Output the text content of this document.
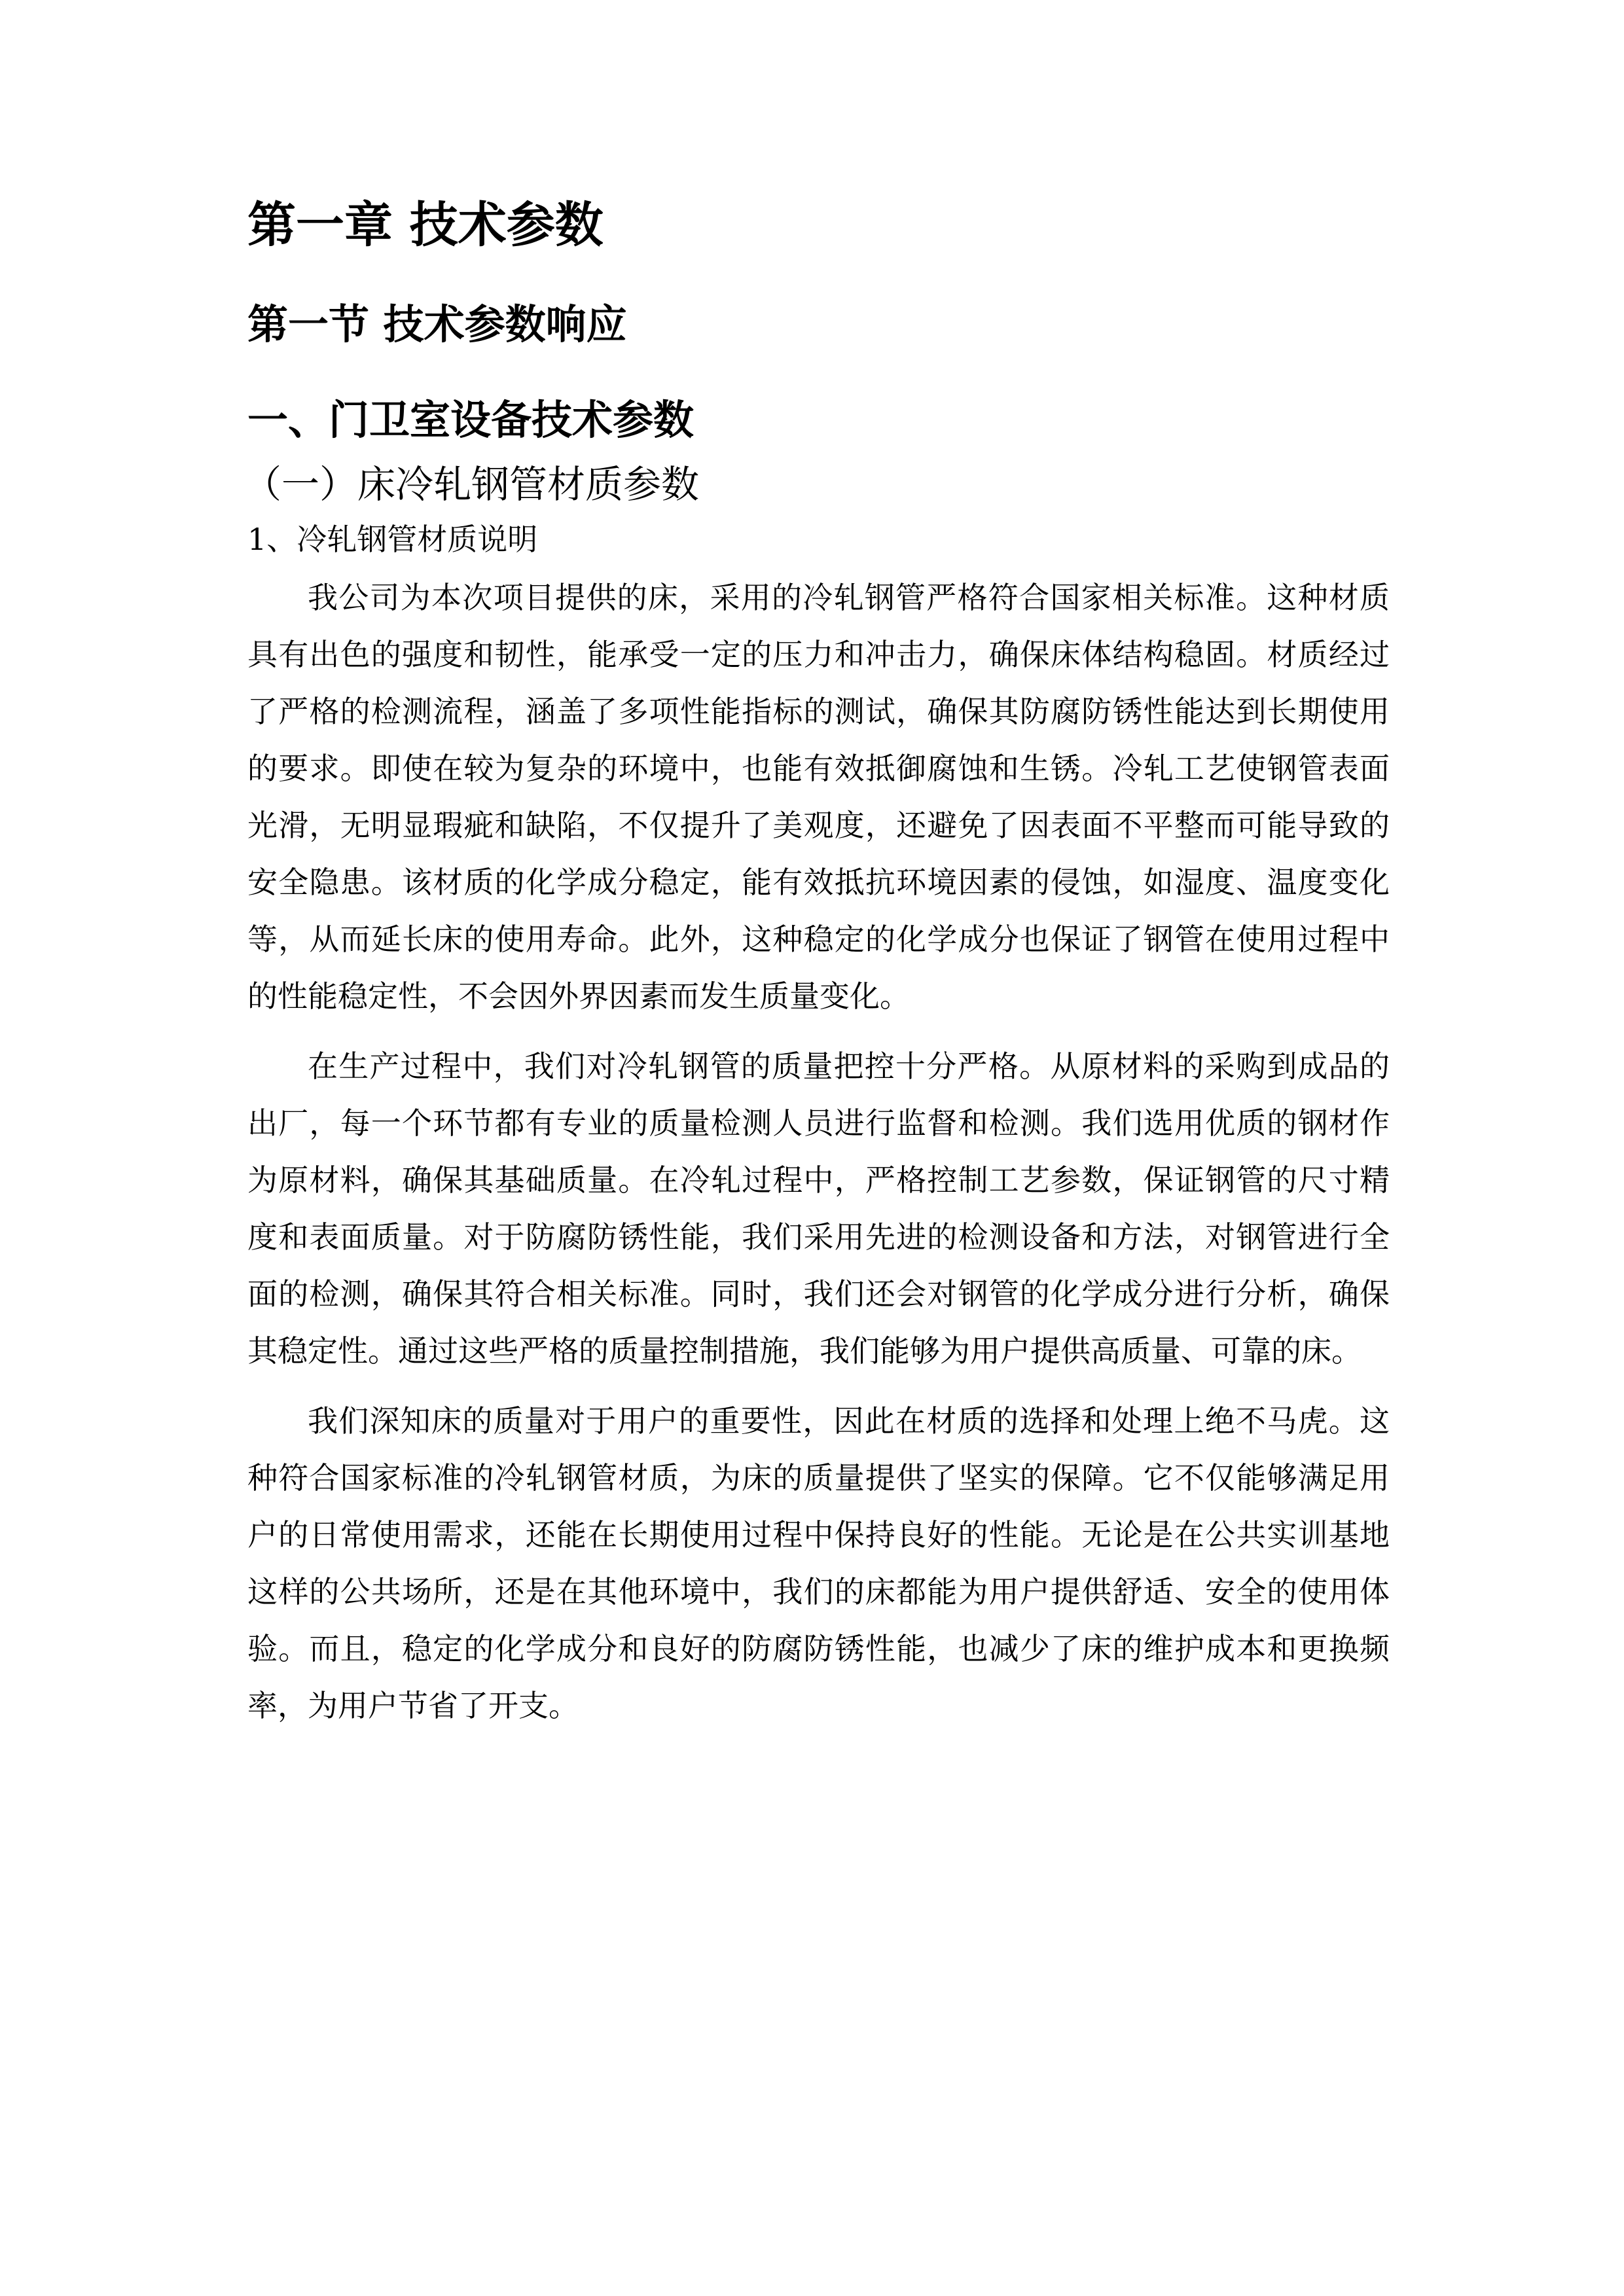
第一章 技术参数
第一节 技术参数响应
一、门卫室设备技术参数
（一）床冷轧钢管材质参数
1、冷轧钢管材质说明

我公司为本次项目提供的床，采用的冷轧钢管严格符合国家相关标准。这种材质具有出色的强度和韧性，能承受一定的压力和冲击力，确保床体结构稳固。材质经过了严格的检测流程，涵盖了多项性能指标的测试，确保其防腐防锈性能达到长期使用的要求。即使在较为复杂的环境中，也能有效抵御腐蚀和生锈。冷轧工艺使钢管表面光滑，无明显瑕疵和缺陷，不仅提升了美观度，还避免了因表面不平整而可能导致的安全隐患。该材质的化学成分稳定，能有效抵抗环境因素的侵蚀，如湿度、温度变化等，从而延长床的使用寿命。此外，这种稳定的化学成分也保证了钢管在使用过程中的性能稳定性，不会因外界因素而发生质量变化。

在生产过程中，我们对冷轧钢管的质量把控十分严格。从原材料的采购到成品的出厂，每一个环节都有专业的质量检测人员进行监督和检测。我们选用优质的钢材作为原材料，确保其基础质量。在冷轧过程中，严格控制工艺参数，保证钢管的尺寸精度和表面质量。对于防腐防锈性能，我们采用先进的检测设备和方法，对钢管进行全面的检测，确保其符合相关标准。同时，我们还会对钢管的化学成分进行分析，确保其稳定性。通过这些严格的质量控制措施，我们能够为用户提供高质量、可靠的床。

我们深知床的质量对于用户的重要性，因此在材质的选择和处理上绝不马虎。这种符合国家标准的冷轧钢管材质，为床的质量提供了坚实的保障。它不仅能够满足用户的日常使用需求，还能在长期使用过程中保持良好的性能。无论是在公共实训基地这样的公共场所，还是在其他环境中，我们的床都能为用户提供舒适、安全的使用体验。而且，稳定的化学成分和良好的防腐防锈性能，也减少了床的维护成本和更换频率，为用户节省了开支。
